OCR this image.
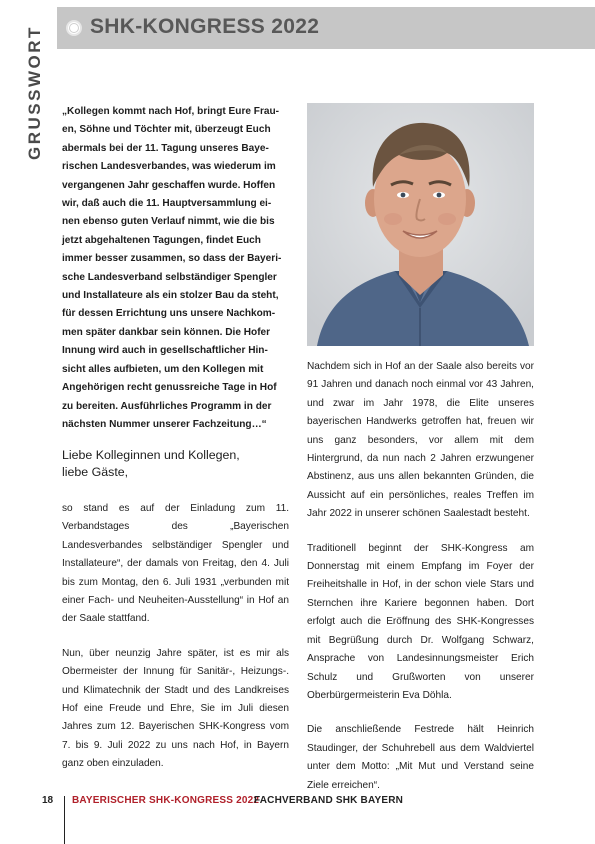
SHK-KONGRESS 2022
GRUSSWORT „Kollegen kommt nach Hof, bringt Eure Frau-
en, Söhne und Töchter mit, überzeugt Euch
abermals bei der 11. Tagung unseres Baye-
rischen Landesverbandes, was wiederum im
vergangenen Jahr geschaffen wurde. Hoffen
wir, daß auch die 11. Hauptversammlung ei-
nen ebenso guten Verlauf nimmt, wie die bis
jetzt abgehaltenen Tagungen, findet Euch
immer besser zusammen, so dass der Bayeri-
sche Landesverband selbständiger Spengler
und Installateure als ein stolzer Bau da steht,
für dessen Errichtung uns unsere Nachkom-
men später dankbar sein können. Die Hofer
Innung wird auch in gesellschaftlicher Hin-
sicht alles aufbieten, um den Kollegen mit
Angehörigen recht genussreiche Tage in Hof
zu bereiten. Ausführliches Programm in der
nächsten Nummer unserer Fachzeitung…“
Liebe Kolleginnen und Kollegen,
liebe Gäste,

so stand es auf der Einladung zum 11. Verbandstages des „Bayerischen Landesverbandes selbständiger Spengler und Installateure“, der damals von Freitag, den 4. Juli bis zum Montag, den 6. Juli 1931 „verbunden mit einer Fach- und Neuheiten-Ausstellung“ in Hof an der Saale stattfand.

Nun, über neunzig Jahre später, ist es mir als Obermeister der Innung für Sanitär-, Heizungs-. und Klimatechnik der Stadt und des Landkreises Hof eine Freude und Ehre, Sie im Juli diesen Jahres zum 12. Bayerischen SHK-Kongress vom 7. bis 9. Juli 2022 zu uns nach Hof, in Bayern ganz oben einzuladen.

Nachdem sich in Hof an der Saale also bereits vor 91 Jahren und danach noch einmal vor 43 Jahren, und zwar im Jahr 1978, die Elite unseres bayerischen Handwerks getroffen hat, freuen wir uns ganz besonders, vor allem mit dem Hintergrund, da nun nach 2 Jahren erzwungener Abstinenz, aus uns allen bekannten Gründen, die Aussicht auf ein persönliches, reales Treffen im Jahr 2022 in unserer schönen Saalestadt besteht.

Traditionell beginnt der SHK-Kongress am Donnerstag mit einem Empfang im Foyer der Freiheitshalle in Hof, in der schon viele Stars und Sternchen ihre Kariere begonnen haben. Dort erfolgt auch die Eröffnung des SHK-Kongresses mit Begrüßung durch Dr. Wolfgang Schwarz, Ansprache von Landesinnungsmeister Erich Schulz und Grußworten von unserer Oberbürgermeisterin Eva Döhla.

Die anschließende Festrede hält Heinrich Staudinger, der Schuhrebell aus dem Waldviertel unter dem Motto: „Mit Mut und Verstand seine Ziele erreichen“.

18 BAYERISCHER SHK-KONGRESS 2022
FACHVERBAND SHK BAYERN
